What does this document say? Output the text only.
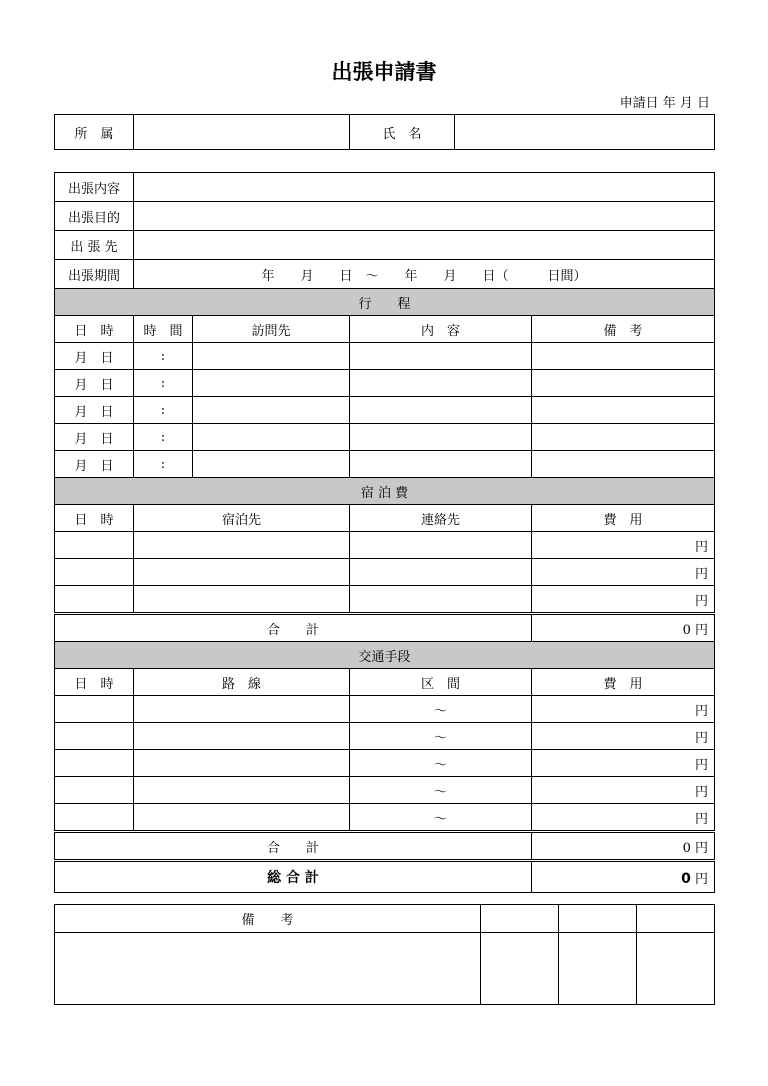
出張申請書
申請日 年 月 日
所　属		氏　名	
出張内容				
出張目的				
出 張 先				
出張期間	年　　月　　日　～　　年　　月　　日（　　　日間）			
行　　程				
日　時	時　間	訪問先	内　容	備　考
月　日	:			
月　日	:			
月　日	:			
月　日	:			
月　日	:			
宿 泊 費				
日　時	宿泊先		連絡先	費　用
				円
				円
				円
合　　計				0 円
交通手段				
日　時	路　線		区　間	費　用
			～	円
			～	円
			～	円
			～	円
			～	円
合　　計				0 円
総 合 計				0 円
備　　考			
